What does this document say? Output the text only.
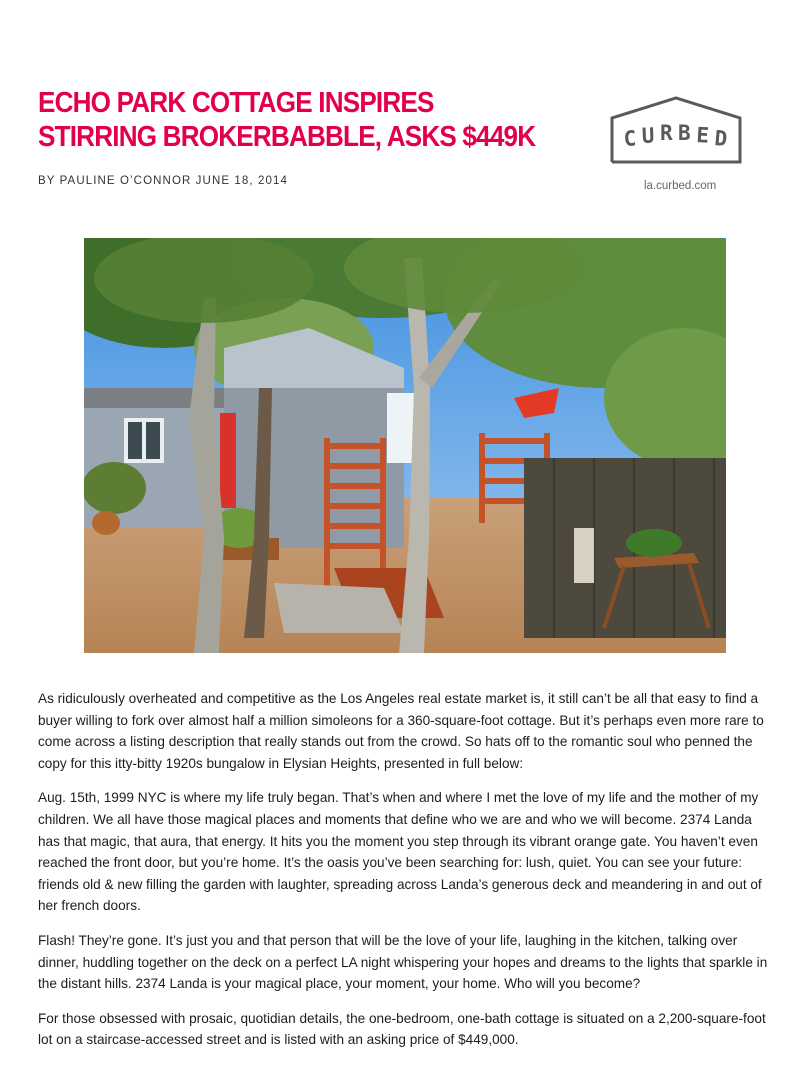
ECHO PARK COTTAGE INSPIRES STIRRING BROKERBABBLE, ASKS $449K
BY PAULINE O’CONNOR JUNE 18, 2014
C U R B E D
la.curbed.com

As ridiculously overheated and competitive as the Los Angeles real estate market is, it still can’t be all that easy to find a buyer willing to fork over almost half a million simoleons for a 360-square-foot cottage. But it’s perhaps even more rare to come across a listing description that really stands out from the crowd. So hats off to the romantic soul who penned the copy for this itty-bitty 1920s bungalow in Elysian Heights, presented in full below:

Aug. 15th, 1999 NYC is where my life truly began. That’s when and where I met the love of my life and the mother of my children. We all have those magical places and moments that define who we are and who we will become. 2374 Landa has that magic, that aura, that energy. It hits you the moment you step through its vibrant orange gate. You haven’t even reached the front door, but you’re home. It’s the oasis you’ve been searching for: lush, quiet. You can see your future: friends old & new filling the garden with laughter, spreading across Landa’s generous deck and meandering in and out of her french doors.

Flash! They’re gone. It’s just you and that person that will be the love of your life, laughing in the kitchen, talking over dinner, huddling together on the deck on a perfect LA night whispering your hopes and dreams to the lights that sparkle in the distant hills. 2374 Landa is your magical place, your moment, your home. Who will you become?

For those obsessed with prosaic, quotidian details, the one-bedroom, one-bath cottage is situated on a 2,200-square-foot lot on a staircase-accessed street and is listed with an asking price of $449,000.
